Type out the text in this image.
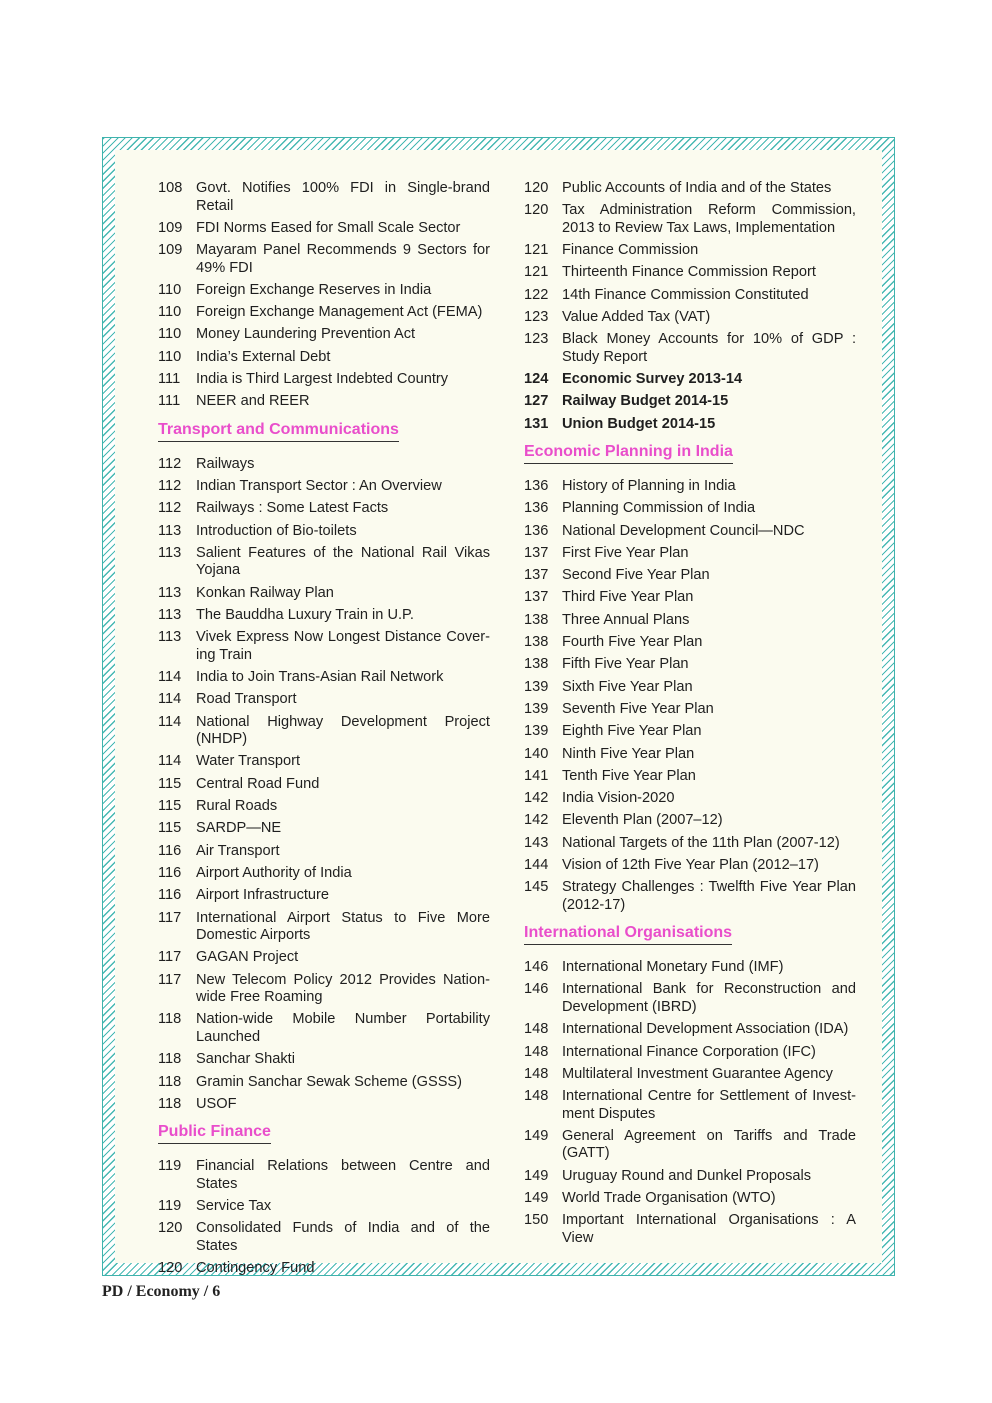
108 Govt. Notifies 100% FDI in Single-brand Retail
109 FDI Norms Eased for Small Scale Sector
109 Mayaram Panel Recommends 9 Sectors for 49% FDI
110	Foreign Exchange Reserves in India
110	Foreign Exchange Management Act (FEMA)
110	Money Laundering Prevention Act
110	India’s External Debt
111	India is Third Largest Indebted Country
111	NEER and REER
Transport and Communications
112	Railways
112	Indian Transport Sector : An Overview
112	Railways : Some Latest Facts
113	Introduction of Bio-toilets
113	Salient Features of the National Rail Vikas Yojana
113	Konkan Railway Plan
113	The Bauddha Luxury Train in U.P.
113	Vivek Express Now Longest Distance Cover-ing Train
114	India to Join Trans-Asian Rail Network
114	Road Transport
114	National Highway Development Project (NHDP)
114	Water Transport
115	Central Road Fund
115	Rural Roads
115	SARDP—NE
116	Air Transport
116	Airport Authority of India
116	Airport Infrastructure
117	International Airport Status to Five More Domestic Airports
117	GAGAN Project
117	New Telecom Policy 2012 Provides Nation-wide Free Roaming
118	Nation-wide Mobile Number Portability Launched
118	Sanchar Shakti
118	Gramin Sanchar Sewak Scheme (GSSS)
118	USOF
Public Finance
119	Financial Relations between Centre and States
119	Service Tax
120 Consolidated Funds of India and of the States
120 Contingency Fund
120 Public Accounts of India and of the States
120 Tax Administration Reform Commission, 2013 to Review Tax Laws, Implementation
121 Finance Commission
121 Thirteenth Finance Commission Report
122 14th Finance Commission Constituted
123 Value Added Tax (VAT)
123 Black Money Accounts for 10% of GDP : Study Report
124 Economic Survey 2013-14
127 Railway Budget 2014-15
131 Union Budget 2014-15
Economic Planning in India
136 History of Planning in India
136 Planning Commission of India
136 National Development Council—NDC
137 First Five Year Plan
137 Second Five Year Plan
137 Third Five Year Plan
138 Three Annual Plans
138 Fourth Five Year Plan
138 Fifth Five Year Plan
139 Sixth Five Year Plan
139 Seventh Five Year Plan
139 Eighth Five Year Plan
140 Ninth Five Year Plan
141 Tenth Five Year Plan
142 India Vision-2020
142 Eleventh Plan (2007–12)
143 National Targets of the 11th Plan (2007-12)
144 Vision of 12th Five Year Plan (2012–17)
145 Strategy Challenges : Twelfth Five Year Plan (2012-17)
International Organisations
146 International Monetary Fund (IMF)
146 International Bank for Reconstruction and Development (IBRD)
148 International Development Association (IDA)
148 International Finance Corporation (IFC)
148 Multilateral Investment Guarantee Agency
148 International Centre for Settlement of Invest-ment Disputes
149 General Agreement on Tariffs and Trade (GATT)
149 Uruguay Round and Dunkel Proposals
149 World Trade Organisation (WTO)
150 Important International Organisations : A View
PD / Economy / 6
